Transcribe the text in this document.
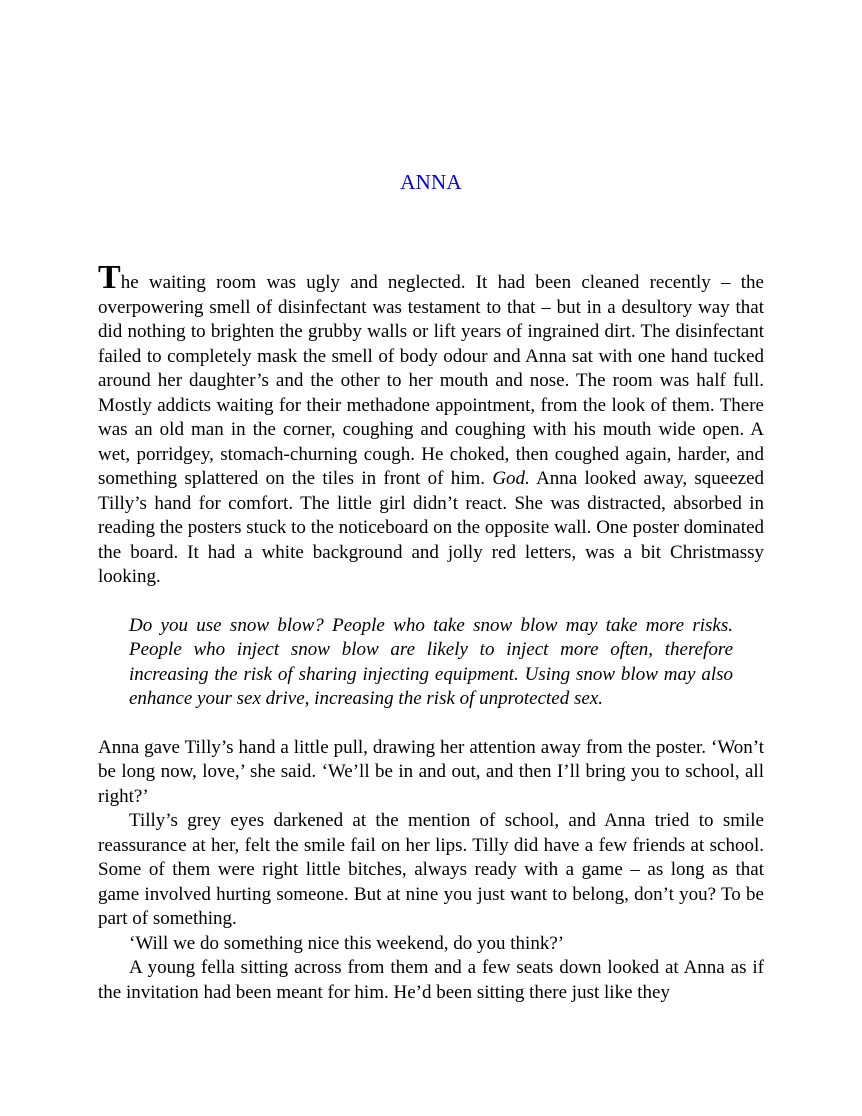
ANNA

The waiting room was ugly and neglected. It had been cleaned recently – the overpowering smell of disinfectant was testament to that – but in a desultory way that did nothing to brighten the grubby walls or lift years of ingrained dirt. The disinfectant failed to completely mask the smell of body odour and Anna sat with one hand tucked around her daughter’s and the other to her mouth and nose. The room was half full. Mostly addicts waiting for their methadone appointment, from the look of them. There was an old man in the corner, coughing and coughing with his mouth wide open. A wet, porridgey, stomach-churning cough. He choked, then coughed again, harder, and something splattered on the tiles in front of him. God. Anna looked away, squeezed Tilly’s hand for comfort. The little girl didn’t react. She was distracted, absorbed in reading the posters stuck to the noticeboard on the opposite wall. One poster dominated the board. It had a white background and jolly red letters, was a bit Christmassy looking.

Do you use snow blow? People who take snow blow may take more risks. People who inject snow blow are likely to inject more often, therefore increasing the risk of sharing injecting equipment. Using snow blow may also enhance your sex drive, increasing the risk of unprotected sex.

Anna gave Tilly’s hand a little pull, drawing her attention away from the poster. ‘Won’t be long now, love,’ she said. ‘We’ll be in and out, and then I’ll bring you to school, all right?’

Tilly’s grey eyes darkened at the mention of school, and Anna tried to smile reassurance at her, felt the smile fail on her lips. Tilly did have a few friends at school. Some of them were right little bitches, always ready with a game – as long as that game involved hurting someone. But at nine you just want to belong, don’t you? To be part of something.

‘Will we do something nice this weekend, do you think?’

A young fella sitting across from them and a few seats down looked at Anna as if the invitation had been meant for him. He’d been sitting there just like they
